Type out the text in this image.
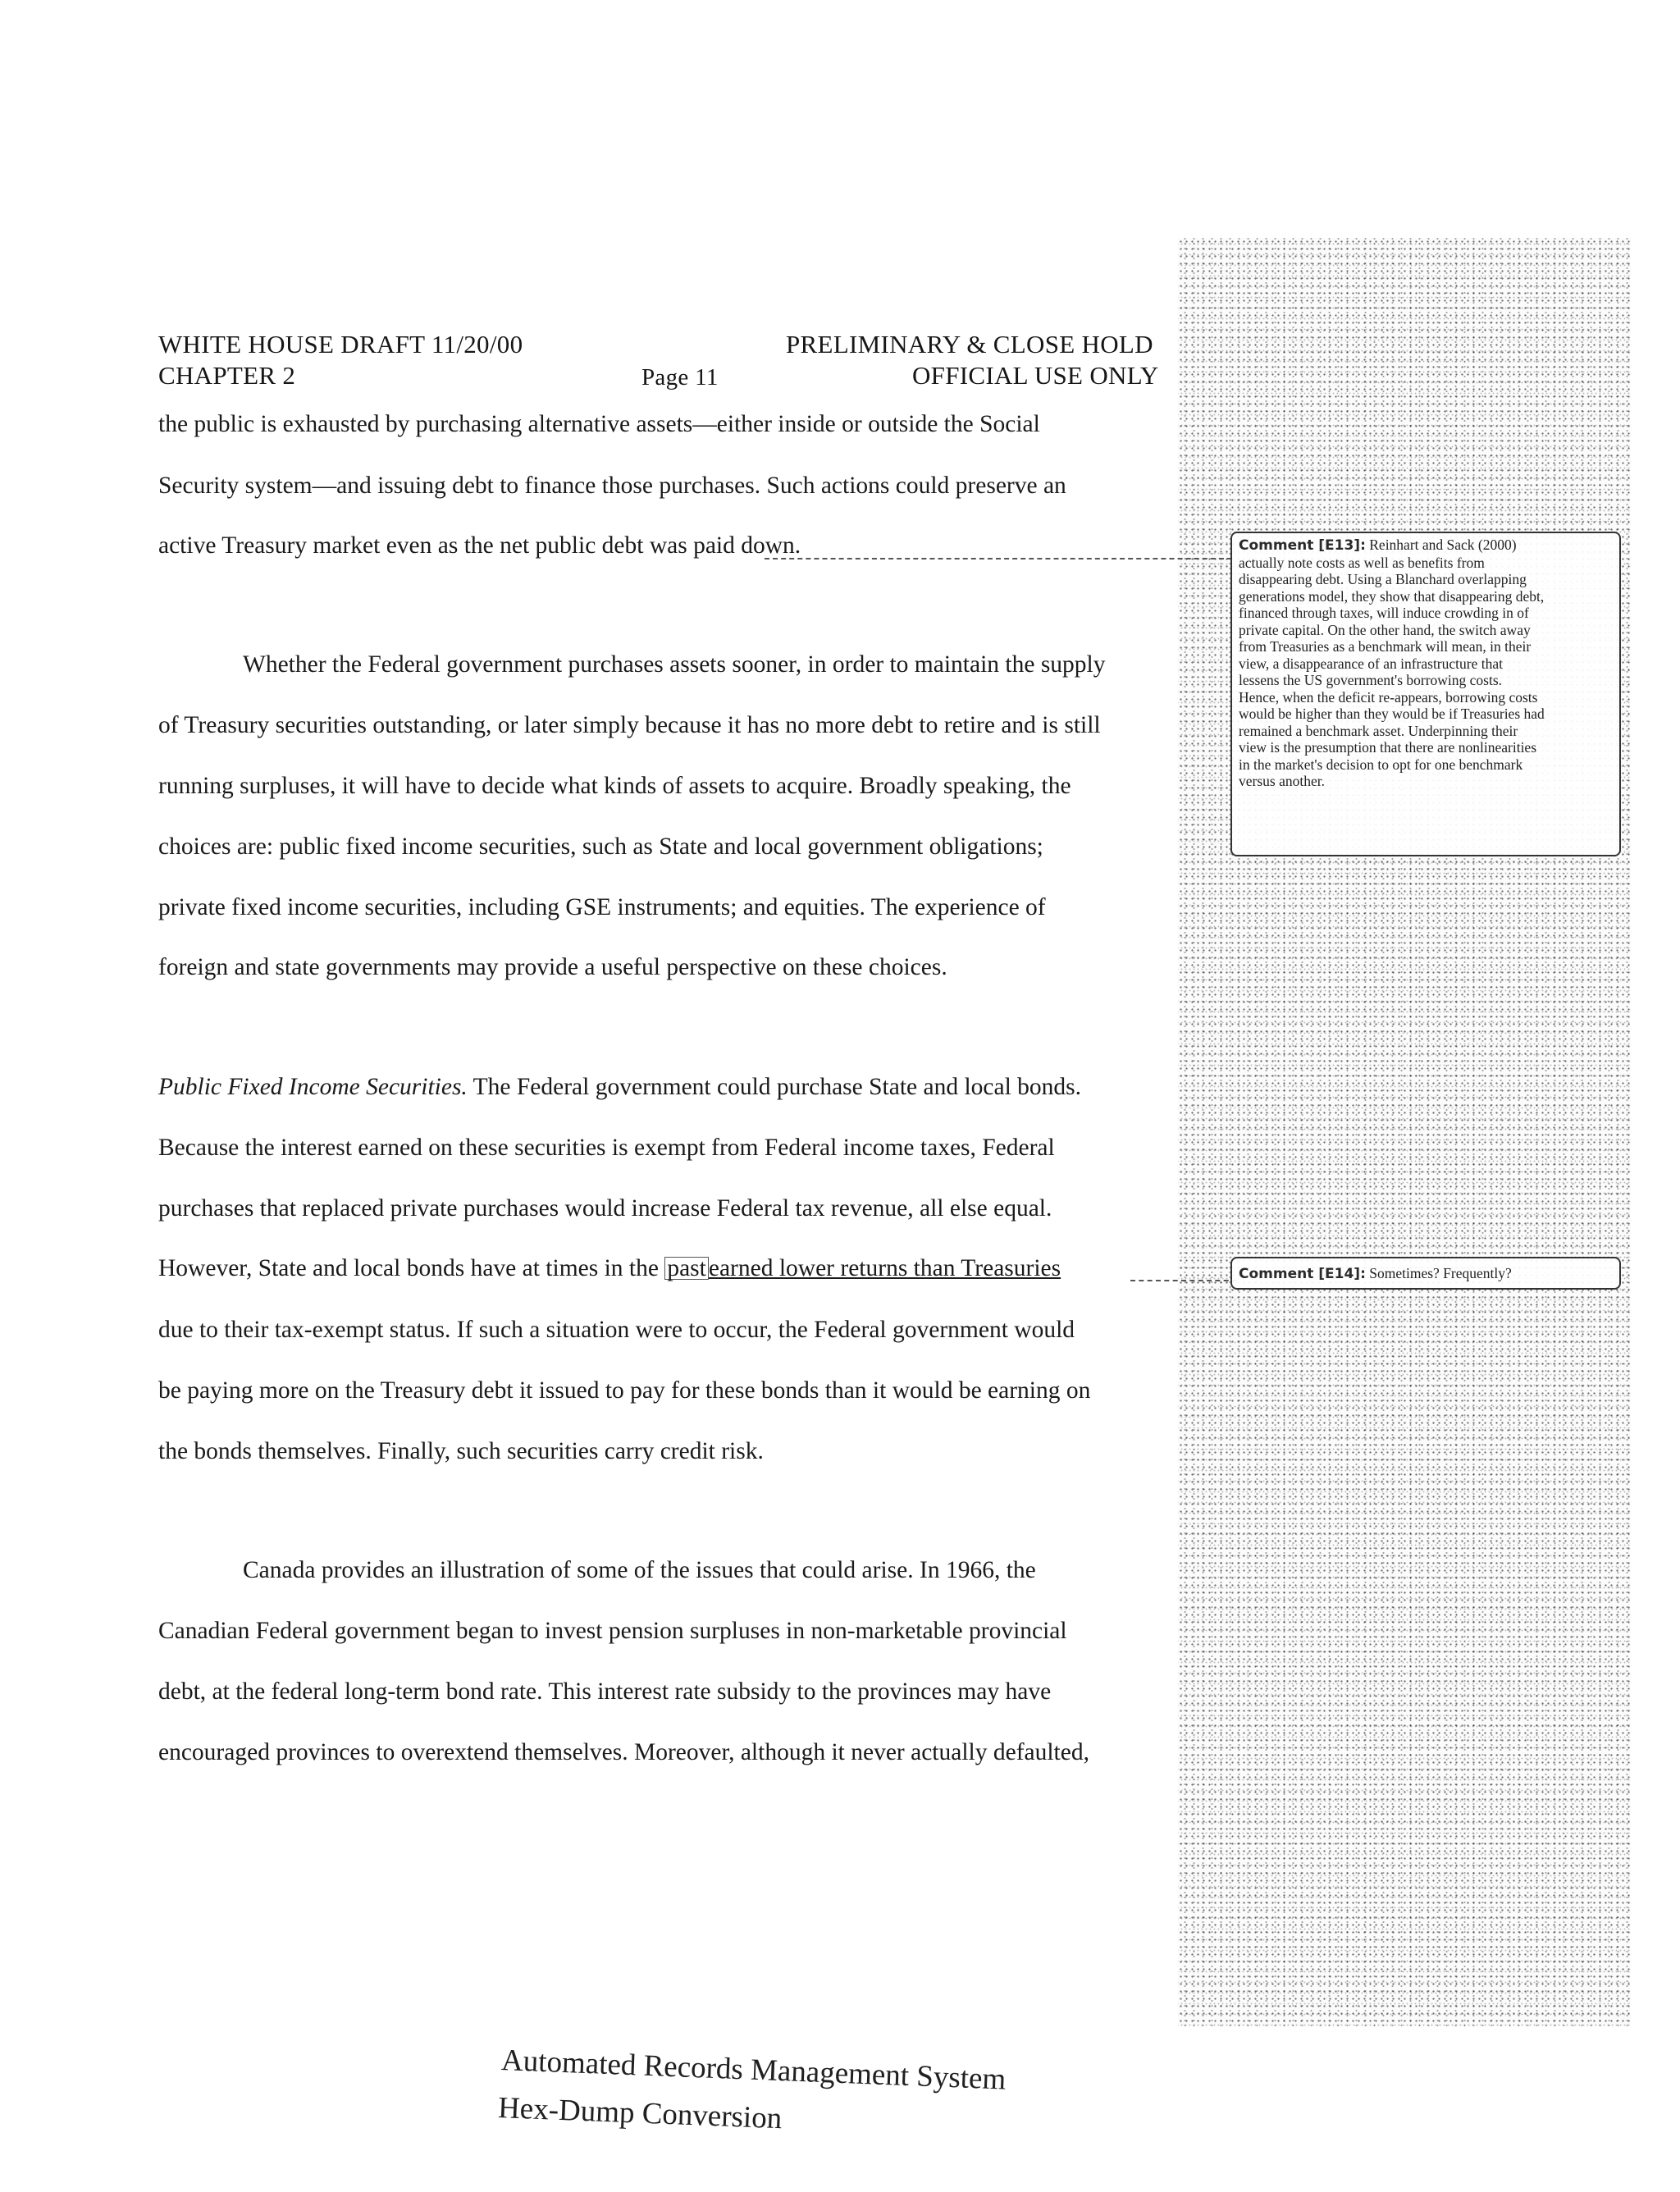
WHITE HOUSE DRAFT 11/20/00	PRELIMINARY & CLOSE HOLD
CHAPTER 2	Page 11	OFFICIAL USE ONLY
the public is exhausted by purchasing alternative assets—either inside or outside the Social
Security system—and issuing debt to finance those purchases. Such actions could preserve an
active Treasury market even as the net public debt was paid down.
Whether the Federal government purchases assets sooner, in order to maintain the supply
of Treasury securities outstanding, or later simply because it has no more debt to retire and is still
running surpluses, it will have to decide what kinds of assets to acquire. Broadly speaking, the
choices are: public fixed income securities, such as State and local government obligations;
private fixed income securities, including GSE instruments; and equities. The experience of
foreign and state governments may provide a useful perspective on these choices.
Public Fixed Income Securities. The Federal government could purchase State and local bonds.
Because the interest earned on these securities is exempt from Federal income taxes, Federal
purchases that replaced private purchases would increase Federal tax revenue, all else equal.
However, State and local bonds have at times in the past earned lower returns than Treasuries
due to their tax-exempt status. If such a situation were to occur, the Federal government would
be paying more on the Treasury debt it issued to pay for these bonds than it would be earning on
the bonds themselves. Finally, such securities carry credit risk.
Canada provides an illustration of some of the issues that could arise. In 1966, the
Canadian Federal government began to invest pension surpluses in non-marketable provincial
debt, at the federal long-term bond rate. This interest rate subsidy to the provinces may have
encouraged provinces to overextend themselves. Moreover, although it never actually defaulted,
Comment [E13]: Reinhart and Sack (2000)
actually note costs as well as benefits from
disappearing debt. Using a Blanchard overlapping
generations model, they show that disappearing debt,
financed through taxes, will induce crowding in of
private capital. On the other hand, the switch away
from Treasuries as a benchmark will mean, in their
view, a disappearance of an infrastructure that
lessens the US government's borrowing costs.
Hence, when the deficit re-appears, borrowing costs
would be higher than they would be if Treasuries had
remained a benchmark asset. Underpinning their
view is the presumption that there are nonlinearities
in the market's decision to opt for one benchmark
versus another.
Comment [E14]: Sometimes? Frequently?
Automated Records Management System
Hex-Dump Conversion
